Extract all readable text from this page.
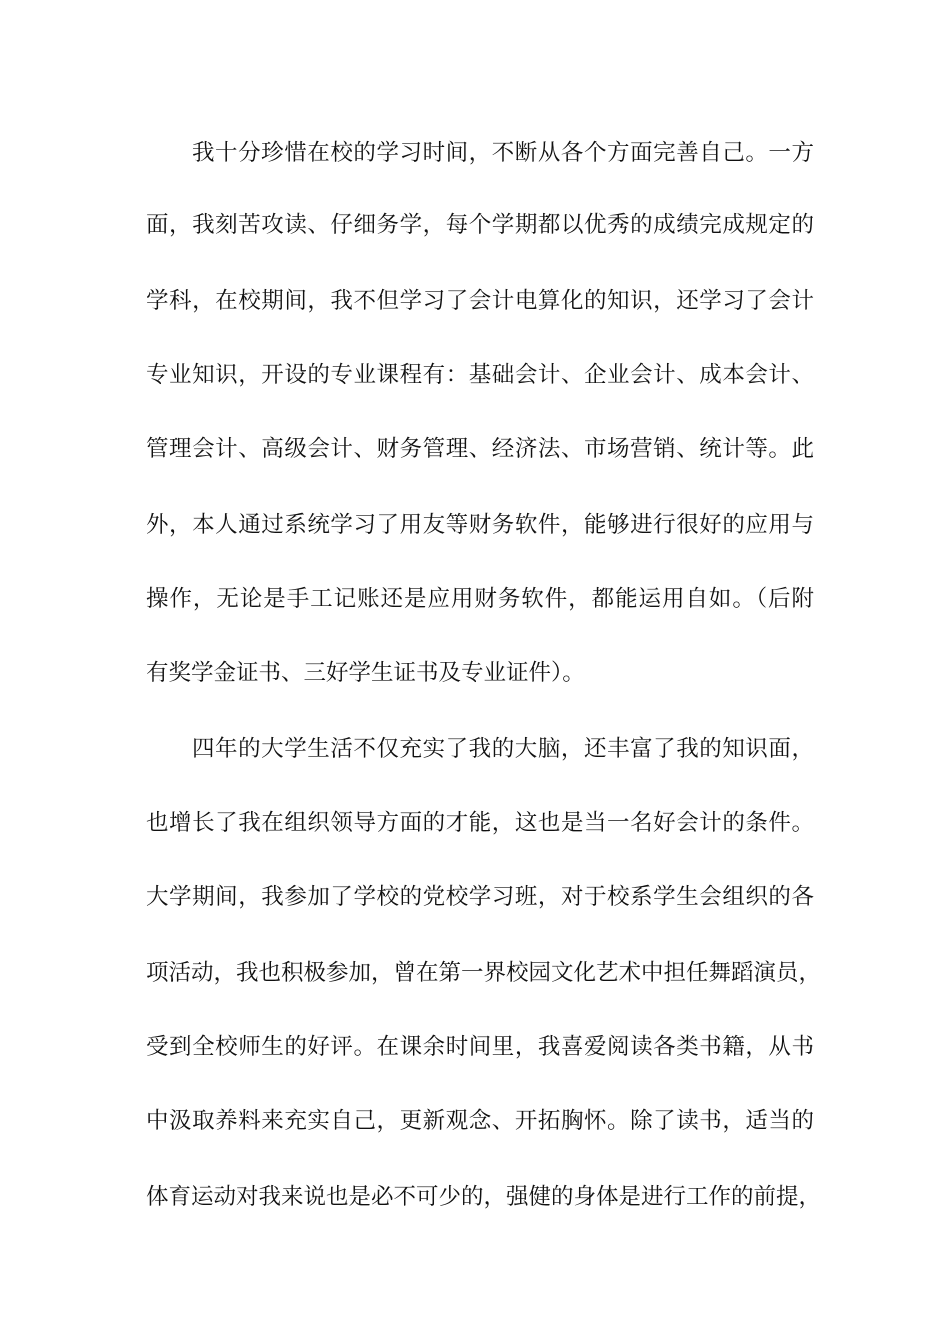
我十分珍惜在校的学习时间，不断从各个方面完善自己。一方
面，我刻苦攻读、仔细务学，每个学期都以优秀的成绩完成规定的
学科，在校期间，我不但学习了会计电算化的知识，还学习了会计
专业知识，开设的专业课程有：基础会计、企业会计、成本会计、
管理会计、高级会计、财务管理、经济法、市场营销、统计等。此
外，本人通过系统学习了用友等财务软件，能够进行很好的应用与
操作，无论是手工记账还是应用财务软件，都能运用自如。（后附
有奖学金证书、三好学生证书及专业证件）。
四年的大学生活不仅充实了我的大脑，还丰富了我的知识面，
也增长了我在组织领导方面的才能，这也是当一名好会计的条件。
大学期间，我参加了学校的党校学习班，对于校系学生会组织的各
项活动，我也积极参加，曾在第一界校园文化艺术中担任舞蹈演员，
受到全校师生的好评。在课余时间里，我喜爱阅读各类书籍，从书
中汲取养料来充实自己，更新观念、开拓胸怀。除了读书，适当的
体育运动对我来说也是必不可少的，强健的身体是进行工作的前提，
